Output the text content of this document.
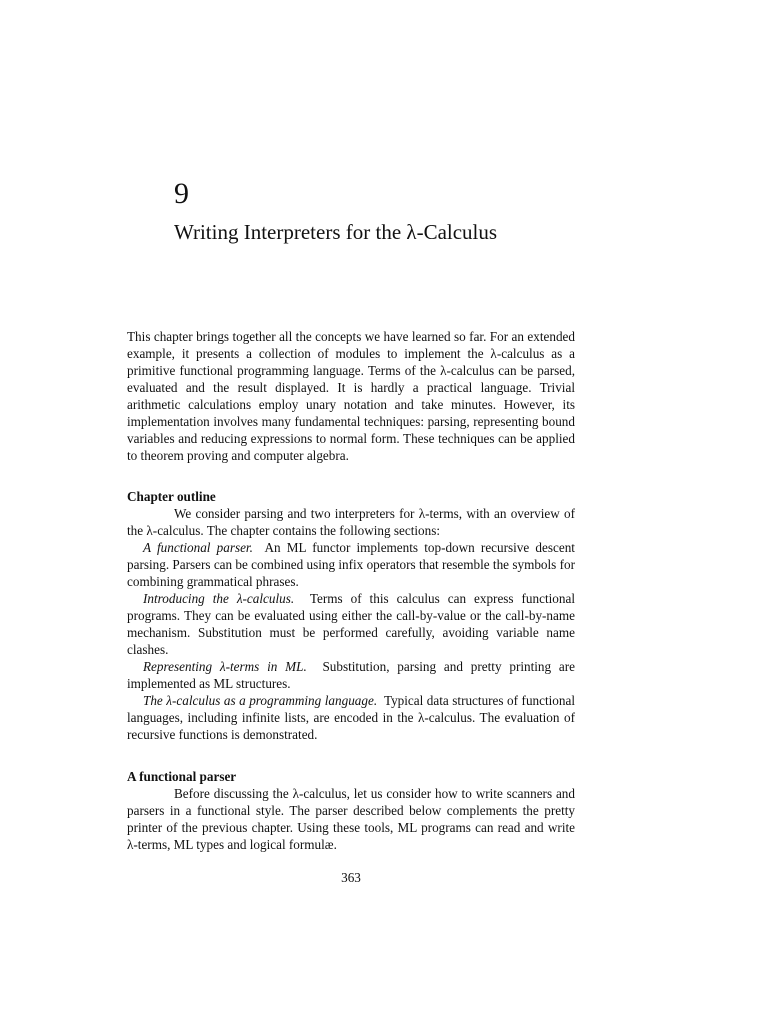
9
Writing Interpreters for the λ-Calculus

This chapter brings together all the concepts we have learned so far. For an extended example, it presents a collection of modules to implement the λ-calculus as a primitive functional programming language. Terms of the λ-calculus can be parsed, evaluated and the result displayed. It is hardly a practical language. Trivial arithmetic calculations employ unary notation and take minutes. However, its implementation involves many fundamental techniques: parsing, representing bound variables and reducing expressions to normal form. These techniques can be applied to theorem proving and computer algebra.

Chapter outline

We consider parsing and two interpreters for λ-terms, with an overview of the λ-calculus. The chapter contains the following sections:

A functional parser. An ML functor implements top-down recursive descent parsing. Parsers can be combined using infix operators that resemble the symbols for combining grammatical phrases.

Introducing the λ-calculus. Terms of this calculus can express functional programs. They can be evaluated using either the call-by-value or the call-by-name mechanism. Substitution must be performed carefully, avoiding variable name clashes.

Representing λ-terms in ML. Substitution, parsing and pretty printing are implemented as ML structures.

The λ-calculus as a programming language. Typical data structures of functional languages, including infinite lists, are encoded in the λ-calculus. The evaluation of recursive functions is demonstrated.

A functional parser

Before discussing the λ-calculus, let us consider how to write scanners and parsers in a functional style. The parser described below complements the pretty printer of the previous chapter. Using these tools, ML programs can read and write λ-terms, ML types and logical formulæ.

363
